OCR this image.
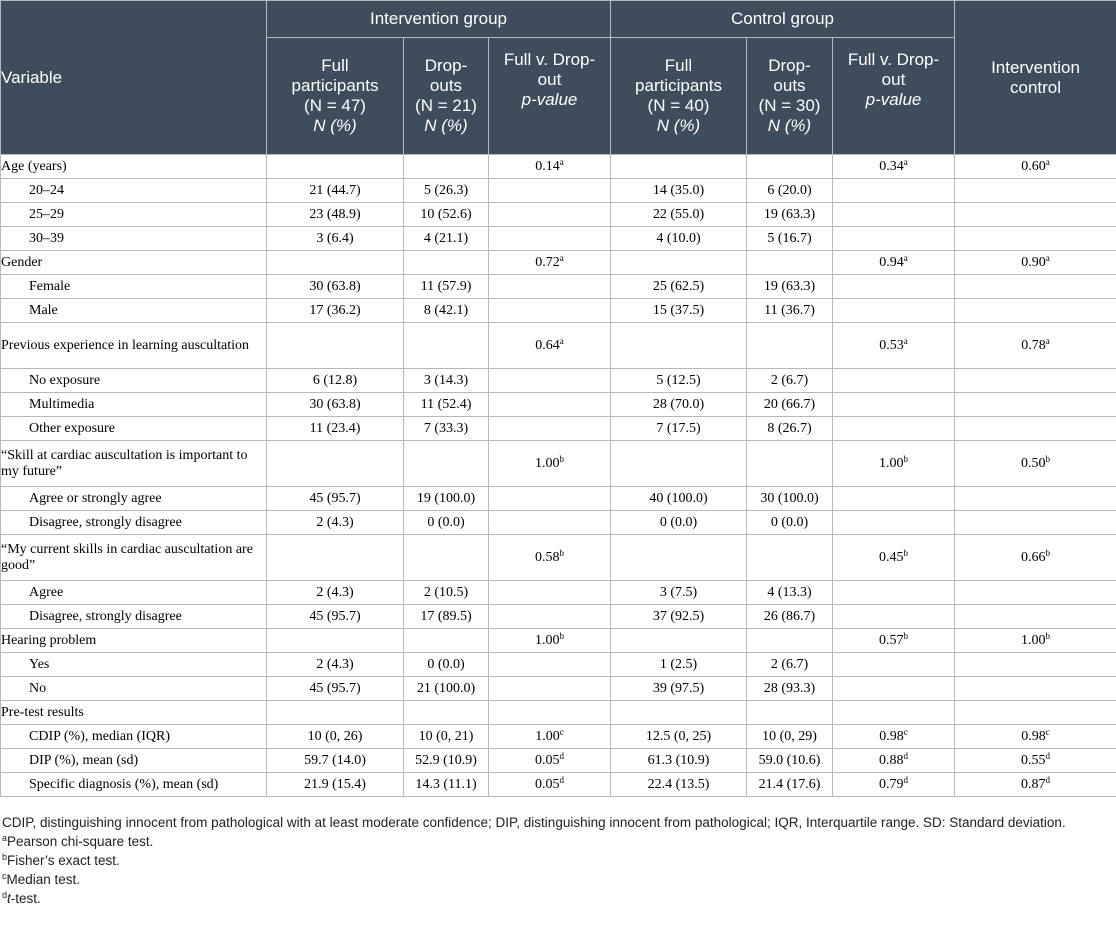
Variable	Intervention group			Control group			Intervention control

	Full
participants
(N = 47)
N (%)	Drop-
outs
(N = 21)
N (%)	Full v. Drop-
out
p-value	Full
participants
(N = 40)
N (%)	Drop-
outs
(N = 30)
N (%)	Full v. Drop-
out
p-value	
Age (years)			0.14$^a$			0.34$^a$	0.60$^a$
20–24	21 (44.7)	5 (26.3)		14 (35.0)	6 (20.0)		
25–29	23 (48.9)	10 (52.6)		22 (55.0)	19 (63.3)		
30–39	3 (6.4)	4 (21.1)		4 (10.0)	5 (16.7)		
Gender			0.72$^a$			0.94$^a$	0.90$^a$
Female	30 (63.8)	11 (57.9)		25 (62.5)	19 (63.3)		
Male	17 (36.2)	8 (42.1)		15 (37.5)	11 (36.7)		
Previous experience in learning auscultation			0.64$^a$			0.53$^a$	0.78$^a$
No exposure	6 (12.8)	3 (14.3)		5 (12.5)	2 (6.7)		
Multimedia	30 (63.8)	11 (52.4)		28 (70.0)	20 (66.7)		
Other exposure	11 (23.4)	7 (33.3)		7 (17.5)	8 (26.7)		
“Skill at cardiac auscultation is important to my future”			1.00$^b$			1.00$^b$	0.50$^b$
Agree or strongly agree	45 (95.7)	19 (100.0)		40 (100.0)	30 (100.0)		
Disagree, strongly disagree	2 (4.3)	0 (0.0)		0 (0.0)	0 (0.0)		
“My current skills in cardiac auscultation are good”			0.58$^b$			0.45$^b$	0.66$^b$
Agree	2 (4.3)	2 (10.5)		3 (7.5)	4 (13.3)		
Disagree, strongly disagree	45 (95.7)	17 (89.5)		37 (92.5)	26 (86.7)		
Hearing problem			1.00$^b$			0.57$^b$	1.00$^b$
Yes	2 (4.3)	0 (0.0)		1 (2.5)	2 (6.7)		
No	45 (95.7)	21 (100.0)		39 (97.5)	28 (93.3)		
Pre-test results							
CDIP (%), median (IQR)	10 (0, 26)	10 (0, 21)	1.00$^c$	12.5 (0, 25)	10 (0, 29)	0.98$^c$	0.98$^c$
DIP (%), mean (sd)	59.7 (14.0)	52.9 (10.9)	0.05$^d$	61.3 (10.9)	59.0 (10.6)	0.88$^d$	0.55$^d$
Specific diagnosis (%), mean (sd)	21.9 (15.4)	14.3 (11.1)	0.05$^d$	22.4 (13.5)	21.4 (17.6)	0.79$^d$	0.87$^d$

CDIP, distinguishing innocent from pathological with at least moderate confidence; DIP, distinguishing innocent from pathological; IQR, Interquartile range. SD: Standard deviation.

$^a$Pearson chi-square test.

$^b$Fisher’s exact test.

$^c$Median test.

$^d$t-test.
